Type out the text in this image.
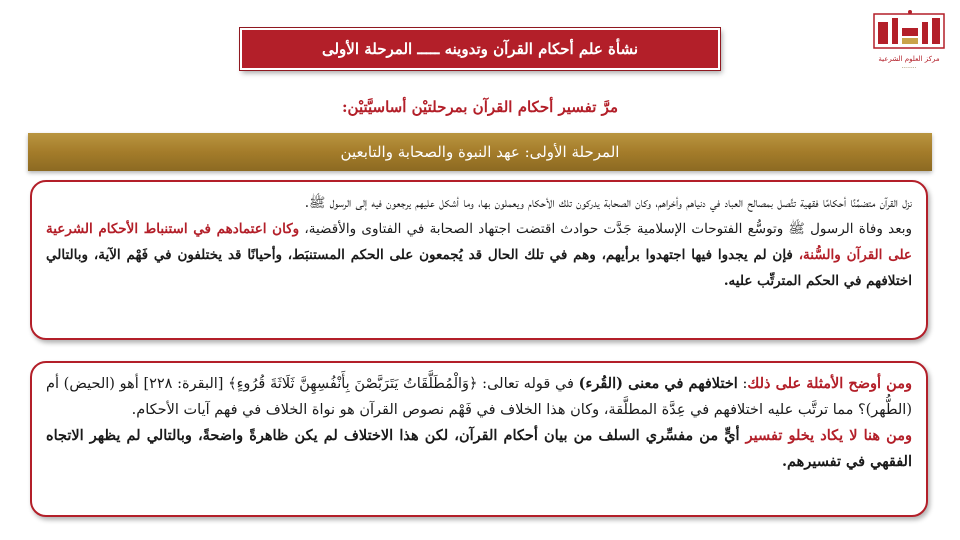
نشأة علم أحكام القرآن وتدوينه ـــــ المرحلة الأولى
مركز العلوم الشرعية
........
مرَّ تفسير أحكام القرآن بمرحلتيْن أساسيَّتيْن:
المرحلة الأولى: عهد النبوة والصحابة والتابعين

نزل القرآن متضمِّنًا أحكامًا فقهية تتَّصل بمصالح العباد في دنياهم وأخراهم، وكان الصحابة يدركون تلك الأحكام ويعملون بها، وما أشكل عليهم يرجعون فيه إلى الرسول ﷺ.

وبعد وفاة الرسول ﷺ وتوسُّع الفتوحات الإسلامية جَدَّت حوادث اقتضت اجتهاد الصحابة في الفتاوى والأقضية، وكان اعتمادهم في استنباط الأحكام الشرعية على القرآن والسُّنة، فإن لم يجدوا فيها اجتهدوا برأيهم، وهم في تلك الحال قد يُجمعون على الحكم المستنبَط، وأحيانًا قد يختلفون في فَهْم الآية، وبالتالي اختلافهم في الحكم المترتِّب عليه.

ومن أوضح الأمثلة على ذلك: اختلافهم في معنى (القُرء) في قوله تعالى: ﴿وَالْمُطَلَّقَاتُ يَتَرَبَّصْنَ بِأَنْفُسِهِنَّ ثَلَاثَةَ قُرُوءٍ﴾ [البقرة: ٢٢٨] أهو (الحيض) أم (الطُّهر)؟ مما ترتَّب عليه اختلافهم في عِدَّة المطلَّقة، وكان هذا الخلاف في فَهْم نصوص القرآن هو نواة الخلاف في فهم آيات الأحكام.

ومن هنا لا يكاد يخلو تفسير أيٍّ من مفسِّري السلف من بيان أحكام القرآن، لكن هذا الاختلاف لم يكن ظاهرةً واضحةً، وبالتالي لم يظهر الاتجاه الفقهي في تفسيرهم.
